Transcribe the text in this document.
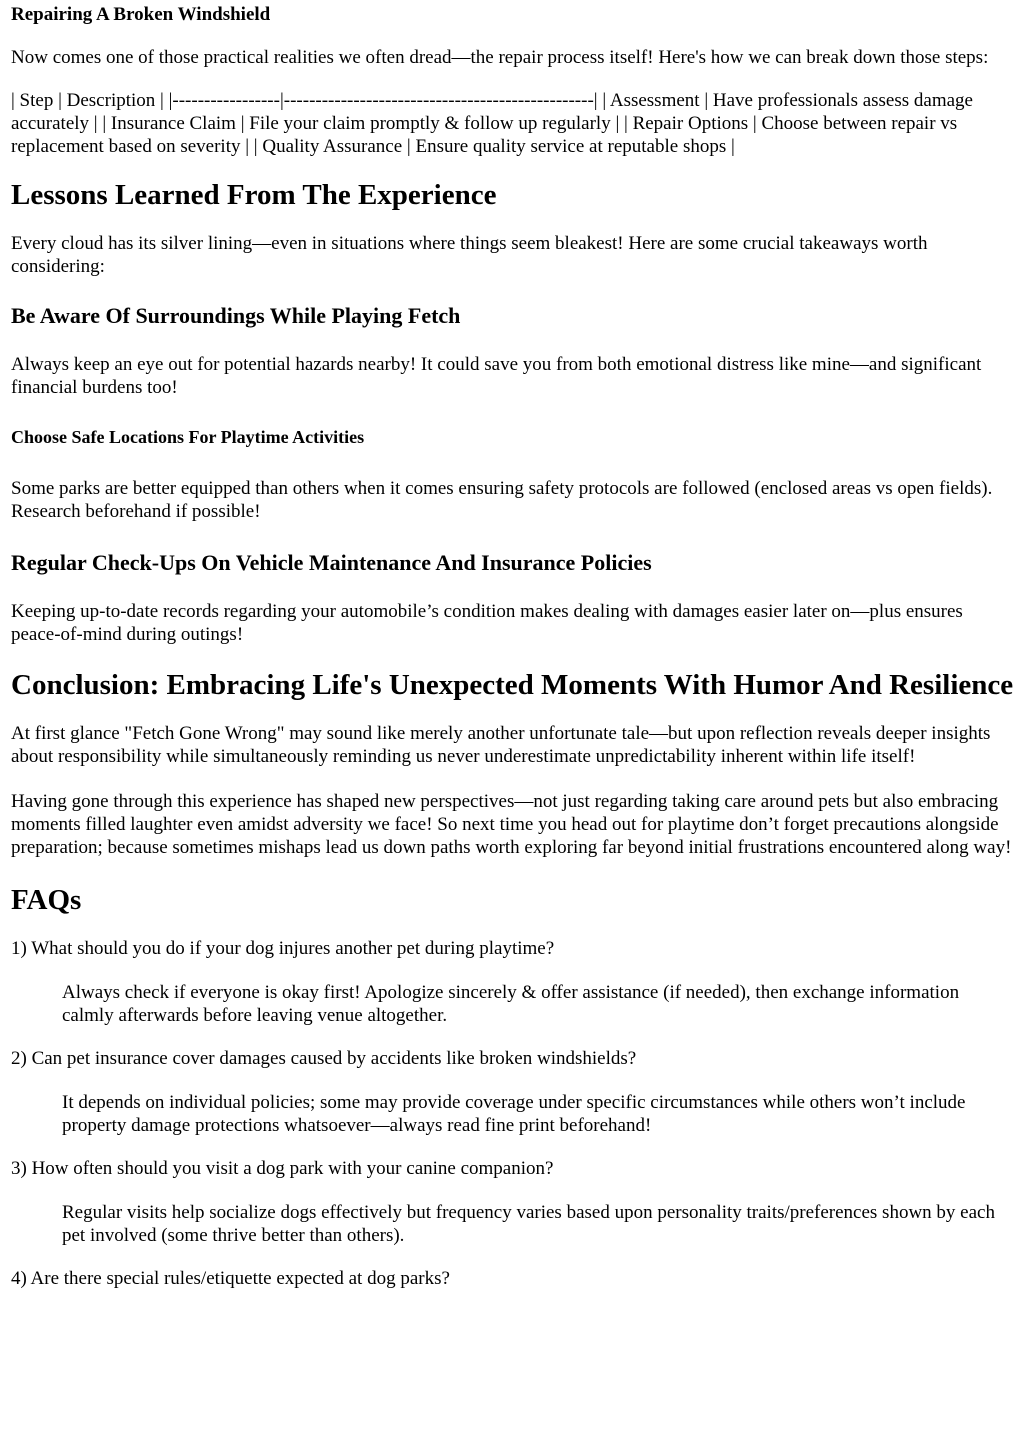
Repairing A Broken Windshield

Now comes one of those practical realities we often dread—the repair process itself! Here's how we can break down those steps:

| Step | Description | |-----------------|-------------------------------------------------| | Assessment | Have professionals assess damage accurately | | Insurance Claim | File your claim promptly & follow up regularly | | Repair Options | Choose between repair vs replacement based on severity | | Quality Assurance | Ensure quality service at reputable shops |

Lessons Learned From The Experience

Every cloud has its silver lining—even in situations where things seem bleakest! Here are some crucial takeaways worth considering:

Be Aware Of Surroundings While Playing Fetch

Always keep an eye out for potential hazards nearby! It could save you from both emotional distress like mine—and significant financial burdens too!

Choose Safe Locations For Playtime Activities

Some parks are better equipped than others when it comes ensuring safety protocols are followed (enclosed areas vs open fields). Research beforehand if possible!

Regular Check-Ups On Vehicle Maintenance And Insurance Policies

Keeping up-to-date records regarding your automobile’s condition makes dealing with damages easier later on—plus ensures peace-of-mind during outings!

Conclusion: Embracing Life's Unexpected Moments With Humor And Resilience

At first glance "Fetch Gone Wrong" may sound like merely another unfortunate tale—but upon reflection reveals deeper insights about responsibility while simultaneously reminding us never underestimate unpredictability inherent within life itself!

Having gone through this experience has shaped new perspectives—not just regarding taking care around pets but also embracing moments filled laughter even amidst adversity we face! So next time you head out for playtime don’t forget precautions alongside preparation; because sometimes mishaps lead us down paths worth exploring far beyond initial frustrations encountered along way!

FAQs
1) What should you do if your dog injures another pet during playtime?
Always check if everyone is okay first! Apologize sincerely & offer assistance (if needed), then exchange information calmly afterwards before leaving venue altogether.
2) Can pet insurance cover damages caused by accidents like broken windshields?
It depends on individual policies; some may provide coverage under specific circumstances while others won’t include property damage protections whatsoever—always read fine print beforehand!
3) How often should you visit a dog park with your canine companion?
Regular visits help socialize dogs effectively but frequency varies based upon personality traits/preferences shown by each pet involved (some thrive better than others).
4) Are there special rules/etiquette expected at dog parks?
